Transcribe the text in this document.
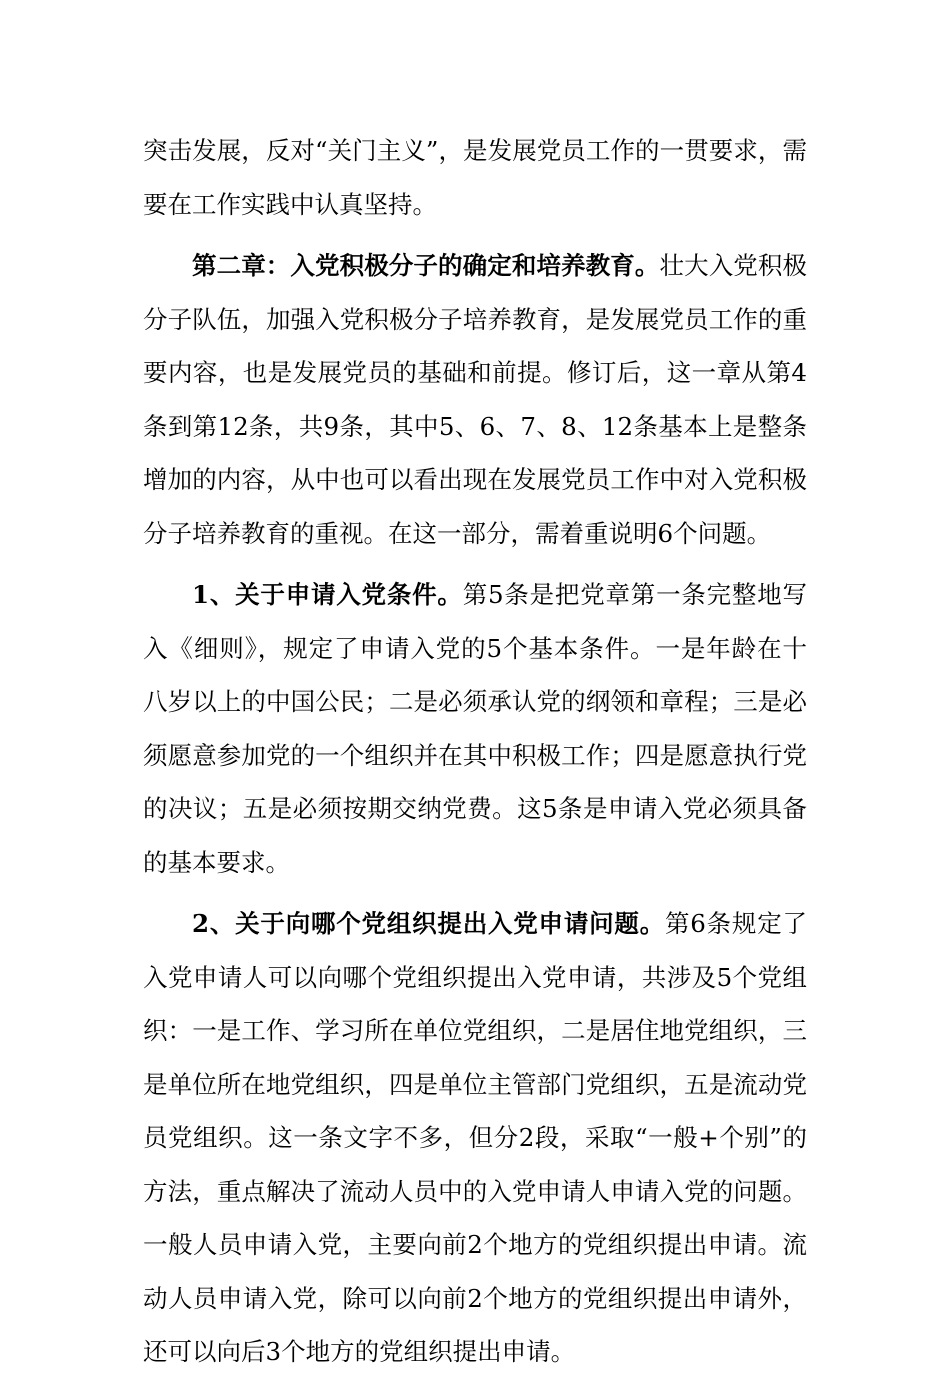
突击发展，反对“关门主义”，是发展党员工作的一贯要求，需要在工作实践中认真坚持。

第二章：入党积极分子的确定和培养教育。壮大入党积极分子队伍，加强入党积极分子培养教育，是发展党员工作的重要内容，也是发展党员的基础和前提。修订后，这一章从第4条到第12条，共9条，其中5、6、7、8、12条基本上是整条增加的内容，从中也可以看出现在发展党员工作中对入党积极分子培养教育的重视。在这一部分，需着重说明6个问题。

1、关于申请入党条件。第5条是把党章第一条完整地写入《细则》，规定了申请入党的5个基本条件。一是年龄在十八岁以上的中国公民；二是必须承认党的纲领和章程；三是必须愿意参加党的一个组织并在其中积极工作；四是愿意执行党的决议；五是必须按期交纳党费。这5条是申请入党必须具备的基本要求。

2、关于向哪个党组织提出入党申请问题。第6条规定了入党申请人可以向哪个党组织提出入党申请，共涉及5个党组织：一是工作、学习所在单位党组织，二是居住地党组织，三是单位所在地党组织，四是单位主管部门党组织，五是流动党员党组织。这一条文字不多，但分2段，采取“一般+个别”的方法，重点解决了流动人员中的入党申请人申请入党的问题。一般人员申请入党，主要向前2个地方的党组织提出申请。流动人员申请入党，除可以向前2个地方的党组织提出申请外，还可以向后3个地方的党组织提出申请。
